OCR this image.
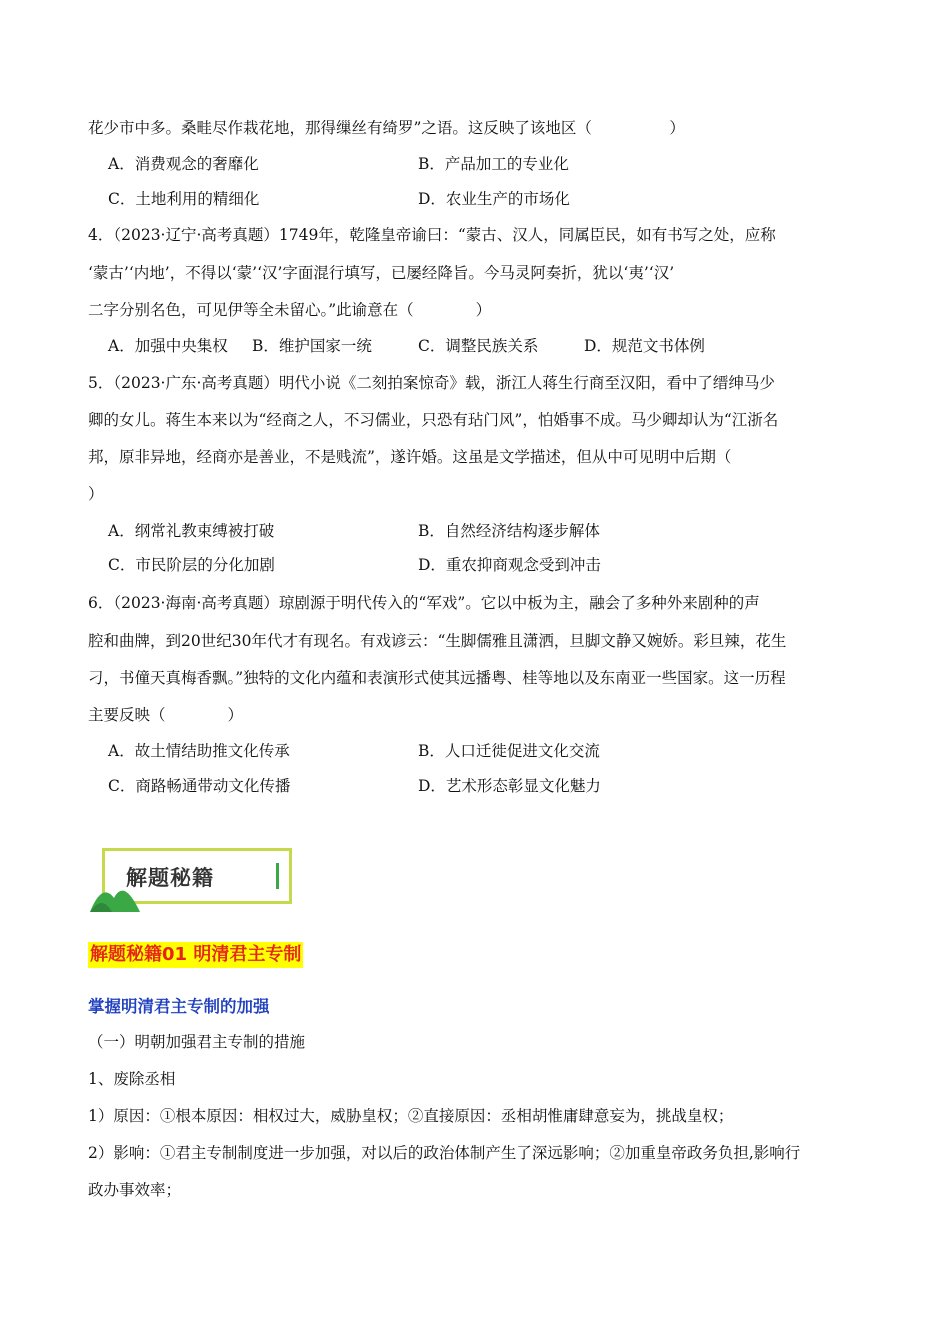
花少市中多。桑畦尽作栽花地，那得缫丝有绮罗”之语。这反映了该地区（　　　　　）
A．消费观念的奢靡化	B．产品加工的专业化
C．土地利用的精细化	D．农业生产的市场化
4．（2023·辽宁·高考真题）1749年，乾隆皇帝谕曰：“蒙古、汉人，同属臣民，如有书写之处，应称
‘蒙古’‘内地’，不得以‘蒙’‘汉’字面混行填写，已屡经降旨。今马灵阿奏折，犹以‘夷’‘汉’
二字分别名色，可见伊等全未留心。”此谕意在（　　　　）
A．加强中央集权 B．维护国家一统	C．调整民族关系	D．规范文书体例
5．（2023·广东·高考真题）明代小说《二刻拍案惊奇》载，浙江人蒋生行商至汉阳，看中了缙绅马少
卿的女儿。蒋生本来以为“经商之人，不习儒业，只恐有玷门风”，怕婚事不成。马少卿却认为“江浙名
邦，原非异地，经商亦是善业，不是贱流”，遂许婚。这虽是文学描述，但从中可见明中后期（
）
A．纲常礼教束缚被打破	B．自然经济结构逐步解体
C．市民阶层的分化加剧	D．重农抑商观念受到冲击
6．（2023·海南·高考真题）琼剧源于明代传入的“军戏”。它以中板为主，融会了多种外来剧种的声
腔和曲牌，到20世纪30年代才有现名。有戏谚云：“生脚儒雅且潇洒，旦脚文静又婉娇。彩旦辣，花生
刁，书僮天真梅香飘。”独特的文化内蕴和表演形式使其远播粤、桂等地以及东南亚一些国家。这一历程
主要反映（　　　　）
A．故土情结助推文化传承	B．人口迁徙促进文化交流
C．商路畅通带动文化传播	D．艺术形态彰显文化魅力
解题秘籍
解题秘籍01 明清君主专制
掌握明清君主专制的加强
（一）明朝加强君主专制的措施
1、废除丞相
1）原因：①根本原因：相权过大，威胁皇权；②直接原因：丞相胡惟庸肆意妄为，挑战皇权；
2）影响：①君主专制制度进一步加强，对以后的政治体制产生了深远影响；②加重皇帝政务负担,影响行
政办事效率；
